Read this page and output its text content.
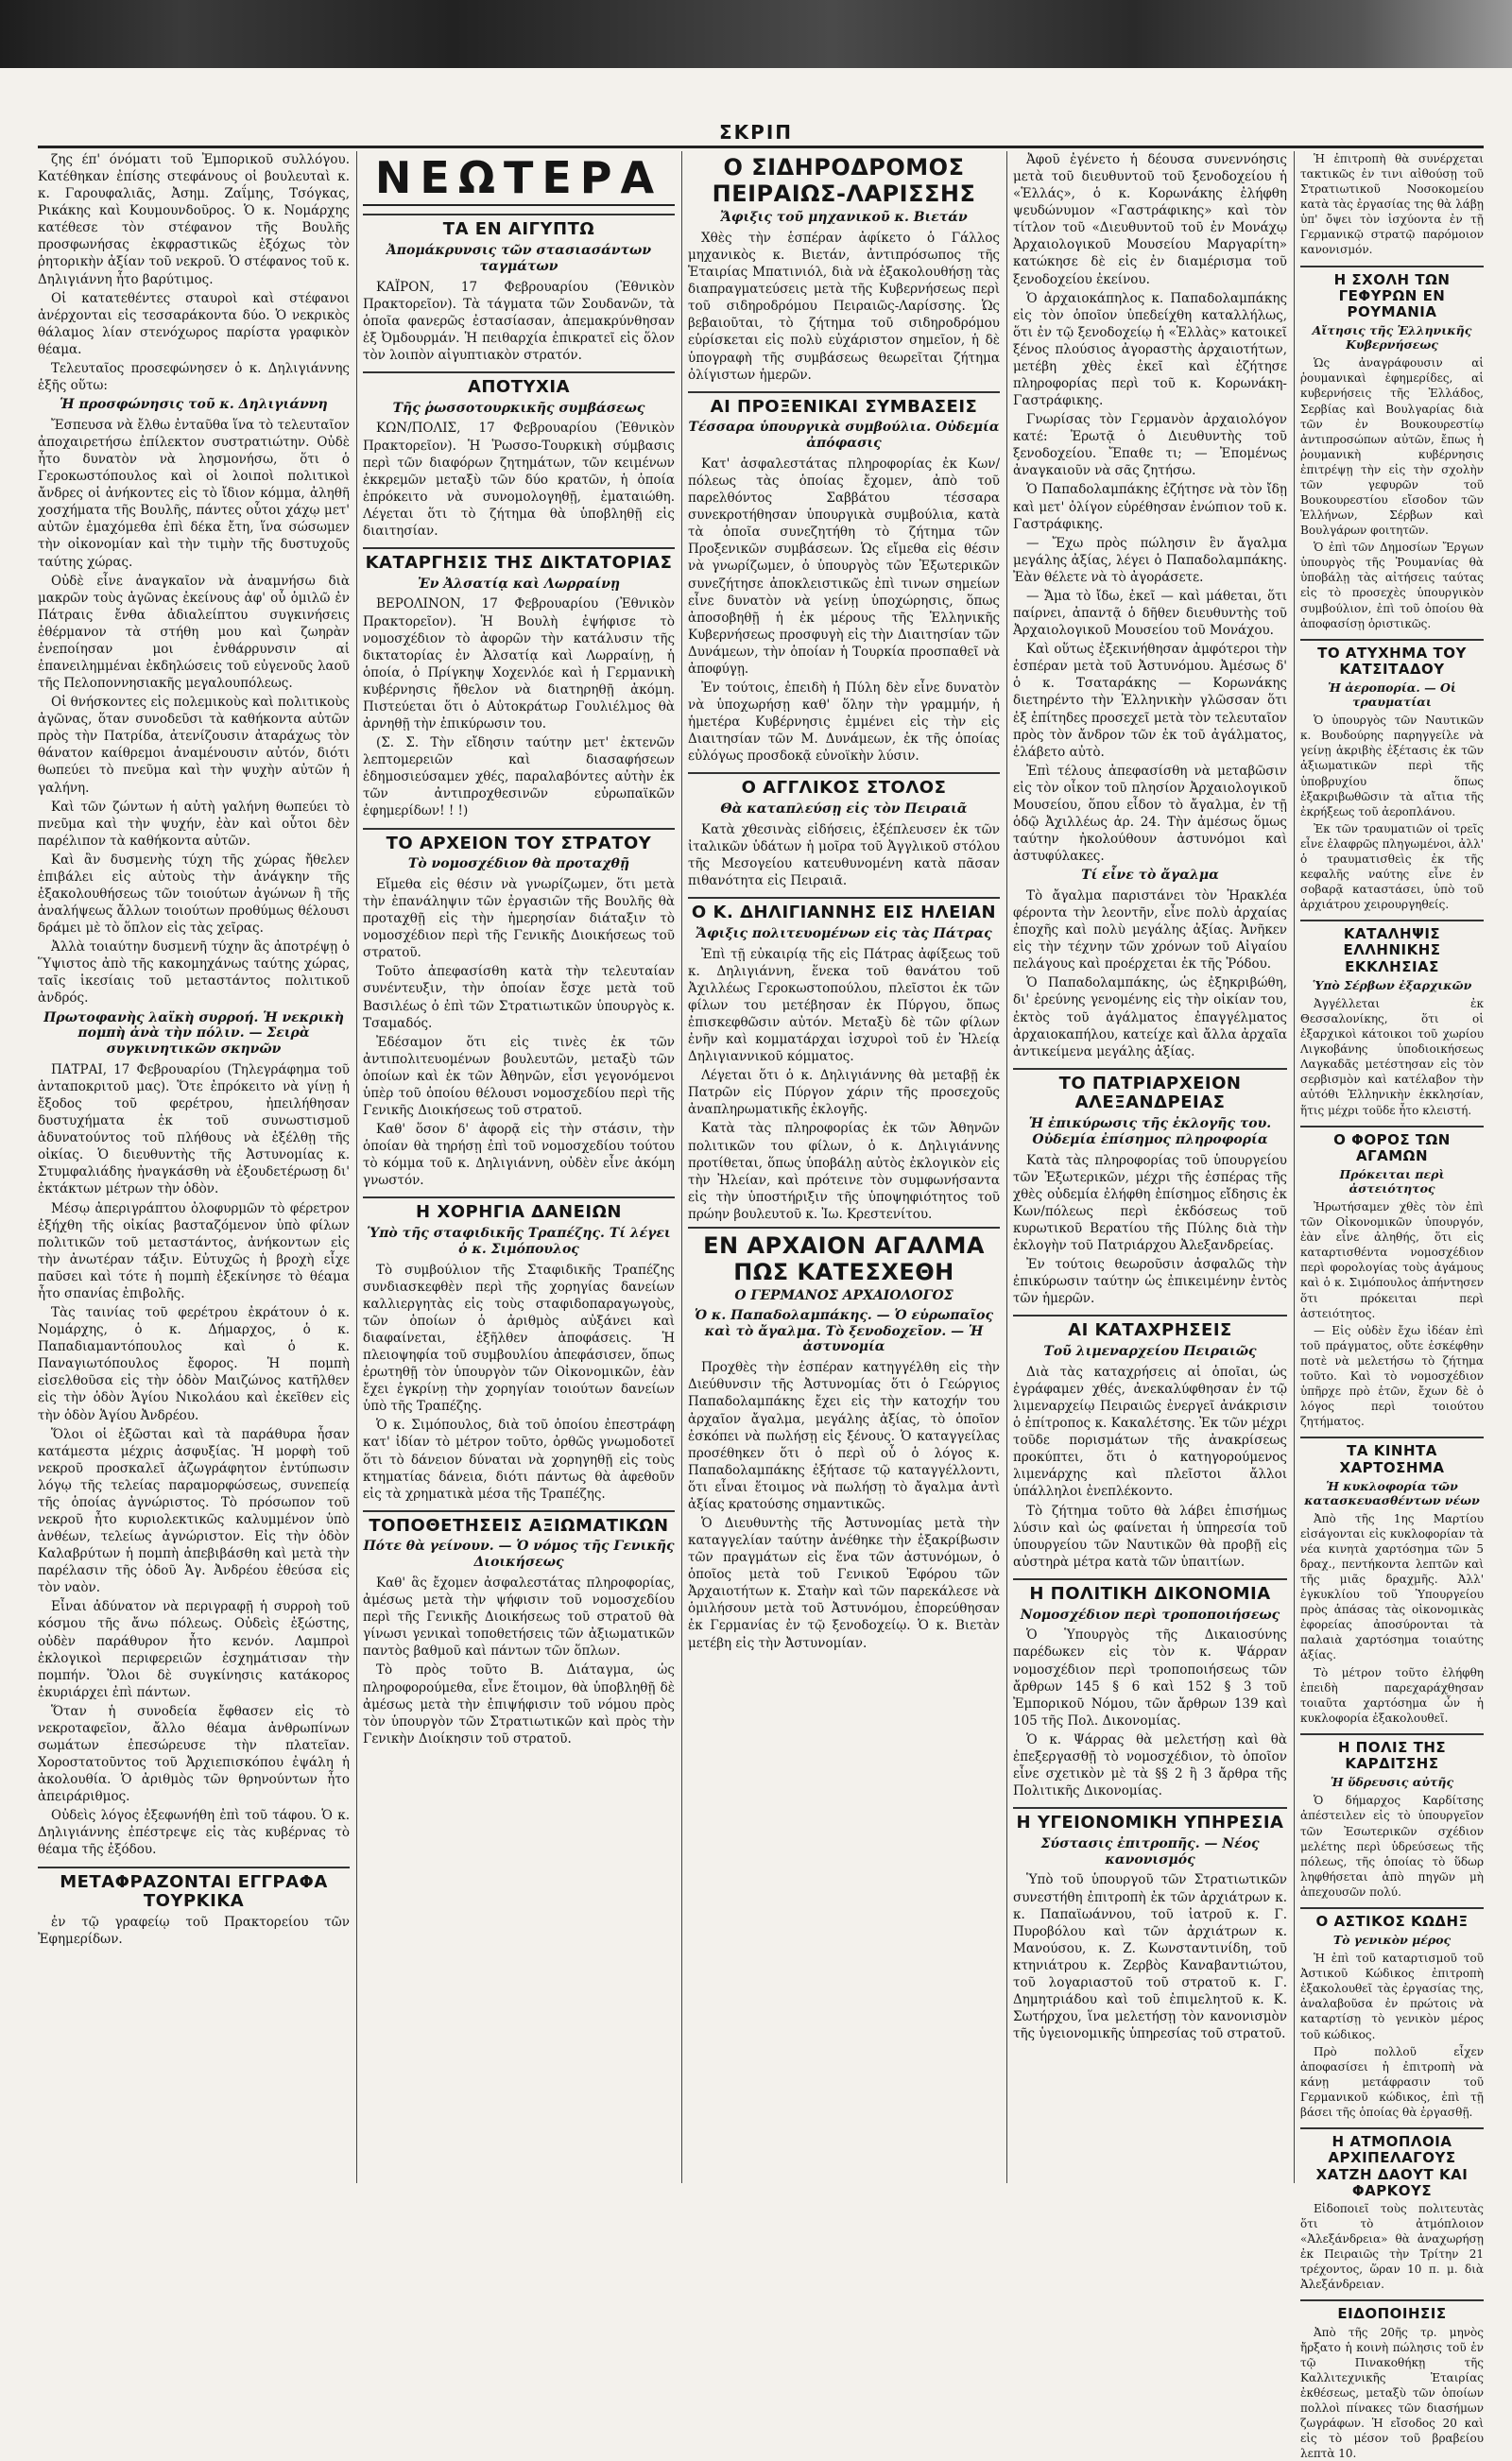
ΣΚΡΙΠ

ζης έπ' όνόματι τοῦ Ἐμπορικοῦ συλλόγου. Κατέθηκαν ἐπίσης στεφάνους οἱ βουλευταὶ κ. κ. Γαρουφαλιᾶς, Ἀσημ. Ζαΐμης, Τσόγκας, Ρικάκης καὶ Κουμουνδοῦρος. Ὁ κ. Νομάρχης κατέθεσε τὸν στέφανον τῆς Βουλῆς προσφωνήσας ἐκφραστικῶς ἐξόχως τὸν ῥητορικὴν ἀξίαν τοῦ νεκροῦ. Ὁ στέφανος τοῦ κ. Δηλιγιάννη ἦτο βαρύτιμος.

Οἱ κατατεθέντες σταυροὶ καὶ στέφανοι ἀνέρχονται εἰς τεσσαράκοντα δύο. Ὁ νεκρικὸς θάλαμος λίαν στενόχωρος παρίστα γραφικὸν θέαμα.

Τελευταῖος προσεφώνησεν ὁ κ. Δηλιγιάννης ἑξῆς οὕτω:

Ἡ προσφώνησις τοῦ κ. Δηλιγιάννη

Ἔσπευσα νὰ ἔλθω ἐνταῦθα ἵνα τὸ τελευταῖον ἀποχαιρετήσω ἐπίλεκτον συστρατιώτην. Οὐδὲ ἦτο δυνατὸν νὰ λησμονήσω, ὅτι ὁ Γεροκωστόπουλος καὶ οἱ λοιποὶ πολιτικοὶ ἄνδρες οἱ ἀνήκοντες εἰς τὸ ἴδιον κόμμα, ἀληθῆ χοσχήματα τῆς Βουλῆς, πάντες οὗτοι χάχῳ μετ' αὐτῶν ἐμαχόμεθα ἐπὶ δέκα ἔτη, ἵνα σώσωμεν τὴν οἰκονομίαν καὶ τὴν τιμὴν τῆς δυστυχοῦς ταύτης χώρας.

Οὐδὲ εἶνε ἀναγκαῖον νὰ ἀναμνήσω διὰ μακρῶν τοὺς ἀγῶνας ἐκείνους ἀφ' οὗ ὁμιλῶ ἐν Πάτραις ἔνθα ἀδιαλείπτου συγκινήσεις ἐθέρμανον τὰ στήθη μου καὶ ζωηρὰν ἐνεποίησαν μοι ἐνθάρρυνσιν αἱ ἐπανειλημμέναι ἐκδηλώσεις τοῦ εὐγενοῦς λαοῦ τῆς Πελοποννησιακῆς μεγαλουπόλεως.

Οἱ θνήσκοντες εἰς πολεμικοὺς καὶ πολιτικοὺς ἀγῶνας, ὅταν συνοδεῦσι τὰ καθήκοντα αὐτῶν πρὸς τὴν Πατρίδα, ἀτενίζουσιν ἀταράχως τὸν θάνατον καίθρεμοι ἀναμένουσιν αὐτόν, διότι θωπεύει τὸ πνεῦμα καὶ τὴν ψυχὴν αὐτῶν ἡ γαλήνη.

Καὶ τῶν ζώντων ἡ αὐτὴ γαλήνη θωπεύει τὸ πνεῦμα καὶ τὴν ψυχήν, ἐὰν καὶ οὗτοι δὲν παρέλιπον τὰ καθήκοντα αὐτῶν.

Καὶ ἂν δυσμενὴς τύχη τῆς χώρας ἤθελεν ἐπιβάλει εἰς αὐτοὺς τὴν ἀνάγκην τῆς ἐξακολουθήσεως τῶν τοιούτων ἀγώνων ἢ τῆς ἀναλήψεως ἄλλων τοιούτων προθύμως θέλουσι δράμει μὲ τὸ ὅπλον εἰς τὰς χεῖρας.

Ἀλλὰ τοιαύτην δυσμενῆ τύχην ἃς ἀποτρέψῃ ὁ Ὕψιστος ἀπὸ τῆς κακομηχάνως ταύτης χώρας, ταῖς ἱκεσίαις τοῦ μεταστάντος πολιτικοῦ ἀνδρός.

Πρωτοφανὴς λαϊκὴ συρροή. Ἡ νεκρικὴ πομπὴ ἀνὰ τὴν πόλιν. — Σειρὰ συγκινητικῶν σκηνῶν

ΠΑΤΡΑΙ, 17 Φεβρουαρίου (Τηλεγράφημα τοῦ ἀνταποκριτοῦ μας). Ὅτε ἐπρόκειτο νὰ γίνῃ ἡ ἔξοδος τοῦ φερέτρου, ἠπειλήθησαν δυστυχήματα ἐκ τοῦ συνωστισμοῦ ἀδυνατούντος τοῦ πλήθους νὰ ἐξέλθῃ τῆς οἰκίας. Ὁ διευθυντὴς τῆς Ἀστυνομίας κ. Στυμφαλιάδης ἠναγκάσθη νὰ ἐξουδετέρωσῃ δι' ἐκτάκτων μέτρων τὴν ὁδὸν.

Μέσῳ ἀπεριγράπτου ὀλοφυρμῶν τὸ φέρετρον ἐξήχθη τῆς οἰκίας βασταζόμενον ὑπὸ φίλων πολιτικῶν τοῦ μεταστάντος, ἀνήκοντων εἰς τὴν ἀνωτέραν τάξιν. Εὐτυχῶς ἡ βροχὴ εἶχε παῦσει καὶ τότε ἡ πομπὴ ἐξεκίνησε τὸ θέαμα ἦτο σπανίας ἐπιβολῆς.

Τὰς ταινίας τοῦ φερέτρου ἐκράτουν ὁ κ. Νομάρχης, ὁ κ. Δήμαρχος, ὁ κ. Παπαδιαμαντόπουλος καὶ ὁ κ. Παναγιωτόπουλος ἔφορος. Ἡ πομπὴ εἰσελθοῦσα εἰς τὴν ὁδὸν Μαιζώνος κατῆλθεν εἰς τὴν ὁδὸν Ἁγίου Νικολάου καὶ ἐκεῖθεν εἰς τὴν ὁδὸν Ἁγίου Ἀνδρέου.

Ὅλοι οἱ ἐξῶσται καὶ τὰ παράθυρα ἦσαν κατάμεστα μέχρις ἀσφυξίας. Ἡ μορφὴ τοῦ νεκροῦ προσκαλεῖ ἀζωγράφητον ἐντύπωσιν λόγῳ τῆς τελείας παραμορφώσεως, συνεπείᾳ τῆς ὁποίας ἀγνώριστος. Τὸ πρόσωπον τοῦ νεκροῦ ἦτο κυριολεκτικῶς καλυμμένον ὑπὸ ἀνθέων, τελείως ἀγνώριστον. Εἰς τὴν ὁδὸν Καλαβρύτων ἡ πομπὴ ἀπεβιβάσθη καὶ μετὰ τὴν παρέλασιν τῆς ὁδοῦ Ἁγ. Ἀνδρέου ἐθεύσα εἰς τὸν ναὸν.

Εἶναι ἀδύνατον νὰ περιγραφῇ ἡ συρροὴ τοῦ κόσμου τῆς ἄνω πόλεως. Οὐδεὶς ἐξώστης, οὐδὲν παράθυρον ἦτο κενόν. Λαμπροὶ ἐκλογικοὶ περιφερειῶν ἐσχημάτισαν τὴν πομπήν. Ὅλοι δὲ συγκίνησις κατάκορος ἐκυριάρχει ἐπὶ πάντων.

Ὅταν ἡ συνοδεία ἔφθασεν εἰς τὸ νεκροταφεῖον, ἄλλο θέαμα ἀνθρωπίνων σωμάτων ἐπεσώρευσε τὴν πλατεῖαν. Χοροστατοῦντος τοῦ Ἀρχιεπισκόπου ἐψάλη ἡ ἀκολουθία. Ὁ ἀριθμὸς τῶν θρηνούντων ἦτο ἀπειράριθμος.

Οὐδεὶς λόγος ἐξεφωνήθη ἐπὶ τοῦ τάφου. Ὁ κ. Δηλιγιάννης ἐπέστρεψε εἰς τὰς κυβέρνας τὸ θέαμα τῆς ἐξόδου.

ΜΕΤΑΦΡΑΖΟΝΤΑΙ ΕΓΓΡΑΦΑ ΤΟΥΡΚΙΚΑ

ἐν τῷ γραφείῳ τοῦ Πρακτορείου τῶν Ἐφημερίδων.

ΝΕΩΤΕΡΑ
ΤΑ ΕΝ ΑΙΓΥΠΤΩ
Ἀπομάκρυνσις τῶν στασιασάντων ταγμάτων

ΚΑΪΡΟΝ, 17 Φεβρουαρίου (Ἐθνικὸν Πρακτορεῖον). Τὰ τάγματα τῶν Σουδανῶν, τὰ ὁποῖα φανερῶς ἐστασίασαν, ἀπεμακρύνθησαν ἐξ Ὀμδουρμάν. Ἡ πειθαρχία ἐπικρατεῖ εἰς ὅλον τὸν λοιπὸν αἰγυπτιακὸν στρατόν.

ΑΠΟΤΥΧΙΑ
Τῆς ῥωσσοτουρκικῆς συμβάσεως

ΚΩΝ/ΠΟΛΙΣ, 17 Φεβρουαρίου (Ἐθνικὸν Πρακτορεῖον). Ἡ Ῥωσσο-Τουρκικὴ σύμβασις περὶ τῶν διαφόρων ζητημάτων, τῶν κειμένων ἐκκρεμῶν μεταξὺ τῶν δύο κρατῶν, ἡ ὁποία ἐπρόκειτο νὰ συνομολογηθῇ, ἐματαιώθη. Λέγεται ὅτι τὸ ζήτημα θὰ ὑποβληθῇ εἰς διαιτησίαν.

ΚΑΤΑΡΓΗΣΙΣ ΤΗΣ ΔΙΚΤΑΤΟΡΙΑΣ
Ἐν Ἀλσατίᾳ καὶ Λωρραίνῃ

ΒΕΡΟΛΙΝΟΝ, 17 Φεβρουαρίου (Ἐθνικὸν Πρακτορεῖον). Ἡ Βουλὴ ἐψήφισε τὸ νομοσχέδιον τὸ ἀφορῶν τὴν κατάλυσιν τῆς δικτατορίας ἐν Ἀλσατίᾳ καὶ Λωρραίνῃ, ἡ ὁποία, ὁ Πρίγκηψ Χοχενλόε καὶ ἡ Γερμανικὴ κυβέρνησις ἤθελον νὰ διατηρηθῇ ἀκόμη. Πιστεύεται ὅτι ὁ Αὐτοκράτωρ Γουλιέλμος θὰ ἀρνηθῇ τὴν ἐπικύρωσιν του.

(Σ. Σ. Τὴν εἴδησιν ταύτην μετ' ἐκτενῶν λεπτομερειῶν καὶ διασαφήσεων ἐδημοσιεύσαμεν χθές, παραλαβόντες αὐτὴν ἐκ τῶν ἀντιπροχθεσινῶν εὐρωπαϊκῶν ἐφημερίδων! ! !)

ΤΟ ΑΡΧΕΙΟΝ ΤΟΥ ΣΤΡΑΤΟΥ
Τὸ νομοσχέδιον θὰ προταχθῇ

Εἴμεθα εἰς θέσιν νὰ γνωρίζωμεν, ὅτι μετὰ τὴν ἐπανάληψιν τῶν ἐργασιῶν τῆς Βουλῆς θὰ προταχθῇ εἰς τὴν ἡμερησίαν διάταξιν τὸ νομοσχέδιον περὶ τῆς Γενικῆς Διοικήσεως τοῦ στρατοῦ.

Τοῦτο ἀπεφασίσθη κατὰ τὴν τελευταίαν συνέντευξιν, τὴν ὁποίαν ἔσχε μετὰ τοῦ Βασιλέως ὁ ἐπὶ τῶν Στρατιωτικῶν ὑπουργὸς κ. Τσαμαδός.

Ἐδέσαμον ὅτι εἰς τινὲς ἐκ τῶν ἀντιπολιτευομένων βουλευτῶν, μεταξὺ τῶν ὁποίων καὶ ἐκ τῶν Ἀθηνῶν, εἶσι γεγονόμενοι ὑπὲρ τοῦ ὁποίου θέλουσι νομοσχεδίου περὶ τῆς Γενικῆς Διοικήσεως τοῦ στρατοῦ.

Καθ' ὅσον δ' ἀφορᾷ εἰς τὴν στάσιν, τὴν ὁποίαν θὰ τηρήσῃ ἐπὶ τοῦ νομοσχεδίου τούτου τὸ κόμμα τοῦ κ. Δηλιγιάννη, οὐδὲν εἶνε ἀκόμη γνωστόν.

Η ΧΟΡΗΓΙΑ ΔΑΝΕΙΩΝ
Ὑπὸ τῆς σταφιδικῆς Τραπέζης. Τί λέγει ὁ κ. Σιμόπουλος

Τὸ συμβούλιον τῆς Σταφιδικῆς Τραπέζης συνδιασκεφθὲν περὶ τῆς χορηγίας δανείων καλλιεργητὰς εἰς τοὺς σταφιδοπαραγωγοὺς, τῶν ὁποίων ὁ ἀριθμὸς αὐξάνει καὶ διαφαίνεται, ἐξῆλθεν ἀποφάσεις. Ἡ πλειοψηφία τοῦ συμβουλίου ἀπεφάσισεν, ὅπως ἐρωτηθῇ τὸν ὑπουργὸν τῶν Οἰκονομικῶν, ἐὰν ἔχει ἐγκρίνῃ τὴν χορηγίαν τοιούτων δανείων ὑπὸ τῆς Τραπέζης.

Ὁ κ. Σιμόπουλος, διὰ τοῦ ὁποίου ἐπεστράφη κατ' ἰδίαν τὸ μέτρον τοῦτο, ὀρθῶς γνωμοδοτεῖ ὅτι τὸ δάνειον δύναται νὰ χορηγηθῇ εἰς τοὺς κτηματίας δάνεια, διότι πάντως θὰ ἀφεθοῦν εἰς τὰ χρηματικὰ μέσα τῆς Τραπέζης.

ΤΟΠΟΘΕΤΗΣΕΙΣ ΑΞΙΩΜΑΤΙΚΩΝ
Πότε θὰ γείνουν. — Ὁ νόμος τῆς Γενικῆς Διοικήσεως

Καθ' ἃς ἔχομεν ἀσφαλεστάτας πληροφορίας, ἀμέσως μετὰ τὴν ψήφισιν τοῦ νομοσχεδίου περὶ τῆς Γενικῆς Διοικήσεως τοῦ στρατοῦ θὰ γίνωσι γενικαὶ τοποθετήσεις τῶν ἀξιωματικῶν παντὸς βαθμοῦ καὶ πάντων τῶν ὅπλων.

Τὸ πρὸς τοῦτο Β. Διάταγμα, ὡς πληροφορούμεθα, εἶνε ἕτοιμον, θὰ ὑποβληθῇ δὲ ἀμέσως μετὰ τὴν ἐπιψήφισιν τοῦ νόμου πρὸς τὸν ὑπουργὸν τῶν Στρατιωτικῶν καὶ πρὸς τὴν Γενικὴν Διοίκησιν τοῦ στρατοῦ.

Ο ΣΙΔΗΡΟΔΡΟΜΟΣ ΠΕΙΡΑΙΩΣ-ΛΑΡΙΣΣΗΣ
Ἄφιξις τοῦ μηχανικοῦ κ. Βιετάν

Χθὲς τὴν ἑσπέραν ἀφίκετο ὁ Γάλλος μηχανικὸς κ. Βιετάν, ἀντιπρόσωπος τῆς Ἑταιρίας Μπατινιόλ, διὰ νὰ ἐξακολουθήσῃ τὰς διαπραγματεύσεις μετὰ τῆς Κυβερνήσεως περὶ τοῦ σιδηροδρόμου Πειραιῶς-Λαρίσσης. Ὡς βεβαιοῦται, τὸ ζήτημα τοῦ σιδηροδρόμου εὑρίσκεται εἰς πολὺ εὐχάριστον σημεῖον, ἡ δὲ ὑπογραφὴ τῆς συμβάσεως θεωρεῖται ζήτημα ὀλίγιστων ἡμερῶν.

ΑΙ ΠΡΟΞΕΝΙΚΑΙ ΣΥΜΒΑΣΕΙΣ
Τέσσαρα ὑπουργικὰ συμβούλια. Οὐδεμία ἀπόφασις

Κατ' ἀσφαλεστάτας πληροφορίας ἐκ Κων/πόλεως τὰς ὁποίας ἔχομεν, ἀπὸ τοῦ παρελθόντος Σαββάτου τέσσαρα συνεκροτήθησαν ὑπουργικὰ συμβούλια, κατὰ τὰ ὁποῖα συνεζητήθη τὸ ζήτημα τῶν Προξενικῶν συμβάσεων. Ὡς εἴμεθα εἰς θέσιν νὰ γνωρίζωμεν, ὁ ὑπουργὸς τῶν Ἐξωτερικῶν συνεζήτησε ἀποκλειστικῶς ἐπὶ τινων σημείων εἶνε δυνατὸν νὰ γείνῃ ὑποχώρησις, ὅπως ἀποσοβηθῇ ἡ ἐκ μέρους τῆς Ἑλληνικῆς Κυβερνήσεως προσφυγὴ εἰς τὴν Διαιτησίαν τῶν Δυνάμεων, τὴν ὁποίαν ἡ Τουρκία προσπαθεῖ νὰ ἀποφύγῃ.

Ἐν τούτοις, ἐπειδὴ ἡ Πύλη δὲν εἶνε δυνατὸν νὰ ὑποχωρήσῃ καθ' ὅλην τὴν γραμμήν, ἡ ἡμετέρα Κυβέρνησις ἐμμένει εἰς τὴν εἰς Διαιτησίαν τῶν Μ. Δυνάμεων, ἐκ τῆς ὁποίας εὐλόγως προσδοκᾷ εὐνοϊκὴν λύσιν.

Ο ΑΓΓΛΙΚΟΣ ΣΤΟΛΟΣ
Θὰ καταπλεύσῃ εἰς τὸν Πειραιᾶ

Κατὰ χθεσινὰς εἰδήσεις, ἐξέπλευσεν ἐκ τῶν ἰταλικῶν ὑδάτων ἡ μοῖρα τοῦ Ἀγγλικοῦ στόλου τῆς Μεσογείου κατευθυνομένη κατὰ πᾶσαν πιθανότητα εἰς Πειραιᾶ.

Ο Κ. ΔΗΛΙΓΙΑΝΝΗΣ ΕΙΣ ΗΛΕΙΑΝ
Ἄφιξις πολιτευομένων εἰς τὰς Πάτρας

Ἐπὶ τῇ εὐκαιρίᾳ τῆς εἰς Πάτρας ἀφίξεως τοῦ κ. Δηλιγιάννη, ἕνεκα τοῦ θανάτου τοῦ Ἀχιλλέως Γεροκωστοπούλου, πλεῖστοι ἐκ τῶν φίλων του μετέβησαν ἐκ Πύργου, ὅπως ἐπισκεφθῶσιν αὐτόν. Μεταξὺ δὲ τῶν φίλων ἐνῆν καὶ κομματάρχαι ἰσχυροὶ τοῦ ἐν Ἠλείᾳ Δηλιγιαννικοῦ κόμματος.

Λέγεται ὅτι ὁ κ. Δηλιγιάννης θὰ μεταβῇ ἐκ Πατρῶν εἰς Πύργον χάριν τῆς προσεχοῦς ἀναπληρωματικῆς ἐκλογῆς.

Κατὰ τὰς πληροφορίας ἐκ τῶν Ἀθηνῶν πολιτικῶν του φίλων, ὁ κ. Δηλιγιάννης προτίθεται, ὅπως ὑποβάλῃ αὐτὸς ἐκλογικὸν εἰς τὴν Ἠλείαν, καὶ πρότεινε τὸν συμφωνήσαντα εἰς τὴν ὑποστήριξιν τῆς ὑποψηφιότητος τοῦ πρώην βουλευτοῦ κ. Ἰω. Κρεστενίτου.

ΕΝ ΑΡΧΑΙΟΝ ΑΓΑΛΜΑ ΠΩΣ ΚΑΤΕΣΧΕΘΗ
Ο ΓΕΡΜΑΝΟΣ ΑΡΧΑΙΟΛΟΓΟΣ
Ὁ κ. Παπαδολαμπάκης. — Ὁ εὑρωπαῖος καὶ τὸ ἄγαλμα. Τὸ ξενοδοχεῖον. — Ἡ ἀστυνομία

Προχθὲς τὴν ἑσπέραν κατηγγέλθη εἰς τὴν Διεύθυνσιν τῆς Ἀστυνομίας ὅτι ὁ Γεώργιος Παπαδολαμπάκης ἔχει εἰς τὴν κατοχήν του ἀρχαῖον ἄγαλμα, μεγάλης ἀξίας, τὸ ὁποῖον ἐσκόπει νὰ πωλήσῃ εἰς ξένους. Ὁ καταγγείλας προσέθηκεν ὅτι ὁ περὶ οὗ ὁ λόγος κ. Παπαδολαμπάκης ἐξήτασε τῷ καταγγέλλοντι, ὅτι εἶναι ἕτοιμος νὰ πωλήσῃ τὸ ἄγαλμα ἀντὶ ἀξίας κρατούσης σημαντικῶς.

Ὁ Διευθυντὴς τῆς Ἀστυνομίας μετὰ τὴν καταγγελίαν ταύτην ἀνέθηκε τὴν ἐξακρίβωσιν τῶν πραγμάτων εἰς ἕνα τῶν ἀστυνόμων, ὁ ὁποῖος μετὰ τοῦ Γενικοῦ Ἐφόρου τῶν Ἀρχαιοτήτων κ. Σταὴν καὶ τῶν παρεκάλεσε νὰ ὁμιλήσουν μετὰ τοῦ Ἀστυνόμου, ἐπορεύθησαν ἐκ Γερμανίας ἐν τῷ ξενοδοχείῳ. Ὁ κ. Βιετὰν μετέβη εἰς τὴν Ἀστυνομίαν.

Ἀφοῦ ἐγένετο ἡ δέουσα συνεννόησις μετὰ τοῦ διευθυντοῦ τοῦ ξενοδοχείου ἡ «Ἑλλάς», ὁ κ. Κορωνάκης ἐλήφθη ψευδώνυμον «Γαστράφικης» καὶ τὸν τίτλον τοῦ «Διευθυντοῦ τοῦ ἐν Μονάχῳ Ἀρχαιολογικοῦ Μουσείου Μαργαρίτη» κατώκησε δὲ εἰς ἐν διαμέρισμα τοῦ ξενοδοχείου ἐκείνου.

Ὁ ἀρχαιοκάπηλος κ. Παπαδολαμπάκης εἰς τὸν ὁποῖον ὑπεδείχθη καταλλήλως, ὅτι ἐν τῷ ξενοδοχείῳ ἡ «Ἑλλὰς» κατοικεῖ ξένος πλούσιος ἀγοραστὴς ἀρχαιοτήτων, μετέβη χθὲς ἐκεῖ καὶ ἐζήτησε πληροφορίας περὶ τοῦ κ. Κορωνάκη-Γαστράφικης.

Γνωρίσας τὸν Γερμανὸν ἀρχαιολόγον κατέ: Ἐρωτᾷ ὁ Διευθυντὴς τοῦ ξενοδοχείου. Ἔπαθε τι; — Ἐπομένως ἀναγκαιοῦν νὰ σᾶς ζητήσω.

Ὁ Παπαδολαμπάκης ἐζήτησε νὰ τὸν ἴδῃ καὶ μετ' ὀλίγον εὑρέθησαν ἐνώπιον τοῦ κ. Γαστράφικης.

— Ἔχω πρὸς πώλησιν ἓν ἄγαλμα μεγάλης ἀξίας, λέγει ὁ Παπαδολαμπάκης. Ἐὰν θέλετε νὰ τὸ ἀγοράσετε.

— Ἄμα τὸ ἴδω, ἐκεῖ — καὶ μάθεται, ὅτι παίρνει, ἀπαντᾷ ὁ δῆθεν διευθυντὴς τοῦ Ἀρχαιολογικοῦ Μουσείου τοῦ Μονάχου.

Καὶ οὕτως ἐξεκινήθησαν ἀμφότεροι τὴν ἑσπέραν μετὰ τοῦ Ἀστυνόμου. Ἀμέσως δ' ὁ κ. Τσαταράκης — Κορωνάκης διετηρέντο τὴν Ἑλληνικὴν γλῶσσαν ὅτι ἐξ ἐπίτηδες προσεχεῖ μετὰ τὸν τελευταῖον πρὸς τὸν ἄνδρον τῶν ἐκ τοῦ ἀγάλματος, ἐλάβετο αὐτὸ.

Ἐπὶ τέλους ἀπεφασίσθη νὰ μεταβῶσιν εἰς τὸν οἶκον τοῦ πλησίον Ἀρχαιολογικοῦ Μουσείου, ὅπου εἶδον τὸ ἄγαλμα, ἐν τῇ ὁδῷ Ἀχιλλέως ἀρ. 24. Τὴν ἀμέσως ὅμως ταύτην ἠκολούθουν ἀστυνόμοι καὶ ἀστυφύλακες.

Τί εἶνε τὸ ἄγαλμα

Τὸ ἄγαλμα παριστάνει τὸν Ἡρακλέα φέροντα τὴν λεοντῆν, εἶνε πολὺ ἀρχαίας ἐποχῆς καὶ πολὺ μεγάλης ἀξίας. Ἀνῆκεν εἰς τὴν τέχνην τῶν χρόνων τοῦ Αἰγαίου πελάγους καὶ προέρχεται ἐκ τῆς Ῥόδου.

Ὁ Παπαδολαμπάκης, ὡς ἐξηκριβώθη, δι' ἐρεύνης γενομένης εἰς τὴν οἰκίαν του, ἐκτὸς τοῦ ἀγάλματος ἐπαγγέλματος ἀρχαιοκαπήλου, κατείχε καὶ ἄλλα ἀρχαῖα ἀντικείμενα μεγάλης ἀξίας.

ΤΟ ΠΑΤΡΙΑΡΧΕΙΟΝ ΑΛΕΞΑΝΔΡΕΙΑΣ
Ἡ ἐπικύρωσις τῆς ἐκλογῆς του. Οὐδεμία ἐπίσημος πληροφορία

Κατὰ τὰς πληροφορίας τοῦ ὑπουργείου τῶν Ἐξωτερικῶν, μέχρι τῆς ἑσπέρας τῆς χθὲς οὐδεμία ἐλήφθη ἐπίσημος εἴδησις ἐκ Κων/πόλεως περὶ ἐκδόσεως τοῦ κυρωτικοῦ Βερατίου τῆς Πύλης διὰ τὴν ἐκλογὴν τοῦ Πατριάρχου Ἀλεξανδρείας.

Ἐν τούτοις θεωροῦσιν ἀσφαλῶς τὴν ἐπικύρωσιν ταύτην ὡς ἐπικειμένην ἐντὸς τῶν ἡμερῶν.

ΑΙ ΚΑΤΑΧΡΗΣΕΙΣ
Τοῦ λιμεναρχείου Πειραιῶς

Διὰ τὰς καταχρήσεις αἱ ὁποῖαι, ὡς ἐγράφαμεν χθές, ἀνεκαλύφθησαν ἐν τῷ λιμεναρχείῳ Πειραιῶς ἐνεργεῖ ἀνάκρισιν ὁ ἐπίτροπος κ. Κακαλέτσης. Ἐκ τῶν μέχρι τοῦδε πορισμάτων τῆς ἀνακρίσεως προκύπτει, ὅτι ὁ κατηγορούμενος λιμενάρχης καὶ πλεῖστοι ἄλλοι ὑπάλληλοι ἐνεπλέκοντο.

Τὸ ζήτημα τοῦτο θὰ λάβει ἐπισήμως λύσιν καὶ ὡς φαίνεται ἡ ὑπηρεσία τοῦ ὑπουργείου τῶν Ναυτικῶν θὰ προβῇ εἰς αὐστηρὰ μέτρα κατὰ τῶν ὑπαιτίων.

Η ΠΟΛΙΤΙΚΗ ΔΙΚΟΝΟΜΙΑ
Νομοσχέδιον περὶ τροποποιήσεως

Ὁ Ὑπουργὸς τῆς Δικαιοσύνης παρέδωκεν εἰς τὸν κ. Ψάρραν νομοσχέδιον περὶ τροποποιήσεως τῶν ἄρθρων 145 § 6 καὶ 152 § 3 τοῦ Ἐμπορικοῦ Νόμου, τῶν ἄρθρων 139 καὶ 105 τῆς Πολ. Δικονομίας.

Ὁ κ. Ψάρρας θὰ μελετήσῃ καὶ θὰ ἐπεξεργασθῇ τὸ νομοσχέδιον, τὸ ὁποῖον εἶνε σχετικὸν μὲ τὰ §§ 2 ἢ 3 ἄρθρα τῆς Πολιτικῆς Δικονομίας.

Η ΥΓΕΙΟΝΟΜΙΚΗ ΥΠΗΡΕΣΙΑ
Σύστασις ἐπιτροπῆς. — Νέος κανονισμός

Ὑπὸ τοῦ ὑπουργοῦ τῶν Στρατιωτικῶν συνεστήθη ἐπιτροπὴ ἐκ τῶν ἀρχιάτρων κ. κ. Παπαϊωάννου, τοῦ ἰατροῦ κ. Γ. Πυροβόλου καὶ τῶν ἀρχιάτρων κ. Μανούσου, κ. Ζ. Κωνσταντινίδη, τοῦ κτηνιάτρου κ. Ζερβὸς Καναβαντιώτου, τοῦ λογαριαστοῦ τοῦ στρατοῦ κ. Γ. Δημητριάδου καὶ τοῦ ἐπιμελητοῦ κ. Κ. Σωτήρχου, ἵνα μελετήσῃ τὸν κανονισμὸν τῆς ὑγειονομικῆς ὑπηρεσίας τοῦ στρατοῦ.

Ἡ ἐπιτροπὴ θὰ συνέρχεται τακτικῶς ἐν τινι αἰθούσῃ τοῦ Στρατιωτικοῦ Νοσοκομείου κατὰ τὰς ἐργασίας της θὰ λάβῃ ὑπ' ὄψει τὸν ἰσχύοντα ἐν τῇ Γερμανικῷ στρατῷ παρόμοιον κανονισμόν.

Η ΣΧΟΛΗ ΤΩΝ ΓΕΦΥΡΩΝ ΕΝ ΡΟΥΜΑΝΙΑ
Αἴτησις τῆς Ἑλληνικῆς Κυβερνήσεως

Ὡς ἀναγράφουσιν αἱ ῥουμανικαὶ ἐφημερίδες, αἱ κυβερνήσεις τῆς Ἑλλάδος, Σερβίας καὶ Βουλγαρίας διὰ τῶν ἐν Βουκουρεστίῳ ἀντιπροσώπων αὐτῶν, ἔπως ἡ ῥουμανικὴ κυβέρνησις ἐπιτρέψῃ τὴν εἰς τὴν σχολὴν τῶν γεφυρῶν τοῦ Βουκουρεστίου εἴσοδον τῶν Ἑλλήνων, Σέρβων καὶ Βουλγάρων φοιτητῶν.

Ὁ ἐπὶ τῶν Δημοσίων Ἔργων ὑπουργὸς τῆς Ῥουμανίας θὰ ὑποβάλῃ τὰς αἰτήσεις ταύτας εἰς τὸ προσεχὲς ὑπουργικὸν συμβούλιον, ἐπὶ τοῦ ὁποίου θὰ ἀποφασίσῃ ὁριστικῶς.

ΤΟ ΑΤΥΧΗΜΑ ΤΟΥ ΚΑΤΣΙΤΑΔΟΥ
Ἡ ἀεροπορία. — Οἱ τραυματίαι

Ὁ ὑπουργὸς τῶν Ναυτικῶν κ. Βουδούρης παρηγγείλε νὰ γείνῃ ἀκριβὴς ἐξέτασις ἐκ τῶν ἀξιωματικῶν περὶ τῆς ὑποβρυχίου ὅπως ἐξακριβωθῶσιν τὰ αἴτια τῆς ἐκρήξεως τοῦ ἀεροπλάνου.

Ἐκ τῶν τραυματιῶν οἱ τρεῖς εἶνε ἐλαφρῶς πληγωμένοι, ἀλλ' ὁ τραυματισθεὶς ἐκ τῆς κεφαλῆς ναύτης εἶνε ἐν σοβαρᾷ καταστάσει, ὑπὸ τοῦ ἀρχιάτρου χειρουργηθείς.

ΚΑΤΑΛΗΨΙΣ ΕΛΛΗΝΙΚΗΣ ΕΚΚΛΗΣΙΑΣ
Ὑπὸ Σέρβων ἐξαρχικῶν

Ἀγγέλλεται ἐκ Θεσσαλονίκης, ὅτι οἱ ἐξαρχικοὶ κάτοικοι τοῦ χωρίου Λιγκοβάνης ὑποδιοικήσεως Λαγκαδᾶς μετέστησαν εἰς τὸν σερβισμὸν καὶ κατέλαβον τὴν αὐτόθι Ἑλληνικὴν ἐκκλησίαν, ἥτις μέχρι τοῦδε ἦτο κλειστή.

Ο ΦΟΡΟΣ ΤΩΝ ΑΓΑΜΩΝ
Πρόκειται περὶ ἀστειότητος

Ἠρωτήσαμεν χθὲς τὸν ἐπὶ τῶν Οἰκονομικῶν ὑπουργόν, ἐὰν εἶνε ἀληθής, ὅτι εἰς καταρτισθέντα νομοσχέδιον περὶ φορολογίας τοὺς ἀγάμους καὶ ὁ κ. Σιμόπουλος ἀπήντησεν ὅτι πρόκειται περὶ ἀστειότητος.

— Εἰς οὐδὲν ἔχω ἰδέαν ἐπὶ τοῦ πράγματος, οὔτε ἐσκέφθην ποτὲ νὰ μελετήσω τὸ ζήτημα τοῦτο. Καὶ τὸ νομοσχέδιον ὑπῆρχε πρὸ ἐτῶν, ἔχων δὲ ὁ λόγος περὶ τοιούτου ζητήματος.

ΤΑ ΚΙΝΗΤΑ ΧΑΡΤΟΣΗΜΑ
Ἡ κυκλοφορία τῶν κατασκευασθέντων νέων

Ἀπὸ τῆς 1ης Μαρτίου εἰσάγονται εἰς κυκλοφορίαν τὰ νέα κινητὰ χαρτόσημα τῶν 5 δραχ., πεντήκοντα λεπτῶν καὶ τῆς μιᾶς δραχμῆς. Ἀλλ' ἐγκυκλίου τοῦ Ὑπουργείου πρὸς ἁπάσας τὰς οἰκονομικὰς ἐφορείας ἀποσύρονται τὰ παλαιὰ χαρτόσημα τοιαύτης ἀξίας.

Τὸ μέτρον τοῦτο ἐλήφθη ἐπειδὴ παρεχαράχθησαν τοιαῦτα χαρτόσημα ὧν ἡ κυκλοφορία ἐξακολουθεῖ.

Η ΠΟΛΙΣ ΤΗΣ ΚΑΡΔΙΤΣΗΣ
Ἡ ὕδρευσις αὐτῆς

Ὁ δήμαρχος Καρδίτσης ἀπέστειλεν εἰς τὸ ὑπουργεῖον τῶν Ἐσωτερικῶν σχέδιον μελέτης περὶ ὑδρεύσεως τῆς πόλεως, τῆς ὁποίας τὸ ὕδωρ ληφθήσεται ἀπὸ πηγῶν μὴ ἀπεχουσῶν πολύ.

Ο ΑΣΤΙΚΟΣ ΚΩΔΗΞ
Τὸ γενικὸν μέρος

Ἡ ἐπὶ τοῦ καταρτισμοῦ τοῦ Ἀστικοῦ Κώδικος ἐπιτροπὴ ἐξακολουθεῖ τὰς ἐργασίας της, ἀναλαβοῦσα ἐν πρώτοις νὰ καταρτίσῃ τὸ γενικὸν μέρος τοῦ κώδικος.

Πρὸ πολλοῦ εἶχεν ἀποφασίσει ἡ ἐπιτροπὴ νὰ κάνῃ μετάφρασιν τοῦ Γερμανικοῦ κώδικος, ἐπὶ τῇ βάσει τῆς ὁποίας θὰ ἐργασθῇ.

Η ΑΤΜΟΠΛΟΙΑ ΑΡΧΙΠΕΛΑΓΟΥΣ ΧΑΤΖΗ ΔΑΟΥΤ ΚΑΙ ΦΑΡΚΟΥΣ

Εἰδοποιεῖ τοὺς πολιτευτὰς ὅτι τὸ ἀτμόπλοιον «Ἀλεξάνδρεια» θὰ ἀναχωρήσῃ ἐκ Πειραιῶς τὴν Τρίτην 21 τρέχοντος, ὥραν 10 π. μ. διὰ Ἀλεξάνδρειαν.

ΕΙΔΟΠΟΙΗΣΙΣ

Ἀπὸ τῆς 20ῆς τρ. μηνὸς ἤρξατο ἡ κοινὴ πώλησις τοῦ ἐν τῷ Πινακοθήκῃ τῆς Καλλιτεχνικῆς Ἑταιρίας ἐκθέσεως, μεταξὺ τῶν ὁποίων πολλοὶ πίνακες τῶν διασήμων ζωγράφων. Ἡ εἴσοδος 20 καὶ εἰς τὸ μέσον τοῦ βραβείου λεπτὰ 10.
